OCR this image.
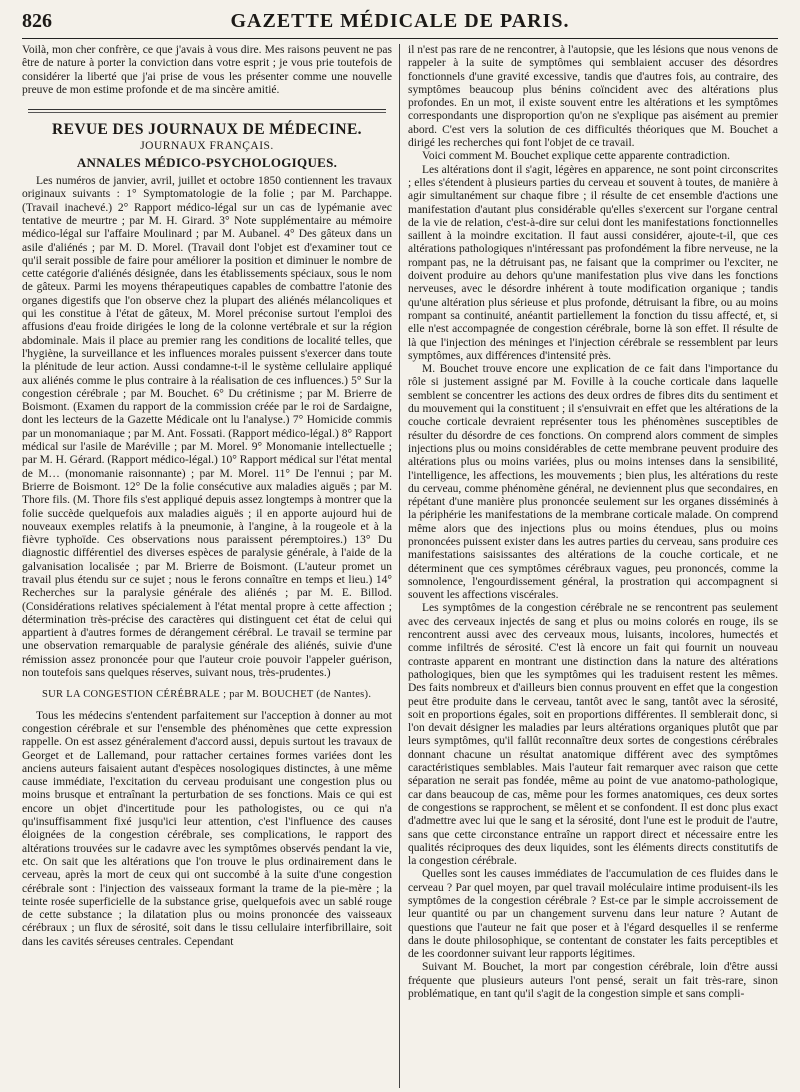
826	GAZETTE MÉDICALE DE PARIS.

Voilà, mon cher confrère, ce que j'avais à vous dire. Mes raisons peuvent ne pas être de nature à porter la conviction dans votre esprit ; je vous prie toutefois de considérer la liberté que j'ai prise de vous les présenter comme une nouvelle preuve de mon estime profonde et de ma sincère amitié.

REVUE DES JOURNAUX DE MÉDECINE.
JOURNAUX FRANÇAIS.
ANNALES MÉDICO-PSYCHOLOGIQUES.

Les numéros de janvier, avril, juillet et octobre 1850 contiennent les travaux originaux suivants : 1° Symptomatologie de la folie ; par M. Parchappe. (Travail inachevé.) 2° Rapport médico-légal sur un cas de lypémanie avec tentative de meurtre ; par M. H. Girard. 3° Note supplémentaire au mémoire médico-légal sur l'affaire Moulinard ; par M. Aubanel. 4° Des gâteux dans un asile d'aliénés ; par M. D. Morel. (Travail dont l'objet est d'examiner tout ce qu'il serait possible de faire pour améliorer la position et diminuer le nombre de cette catégorie d'aliénés désignée, dans les établissements spéciaux, sous le nom de gâteux. Parmi les moyens thérapeutiques capables de combattre l'atonie des organes digestifs que l'on observe chez la plupart des aliénés mélancoliques et qui les constitue à l'état de gâteux, M. Morel préconise surtout l'emploi des affusions d'eau froide dirigées le long de la colonne vertébrale et sur la région abdominale. Mais il place au premier rang les conditions de localité telles, que l'hygiène, la surveillance et les influences morales puissent s'exercer dans toute la plénitude de leur action. Aussi condamne-t-il le système cellulaire appliqué aux aliénés comme le plus contraire à la réalisation de ces influences.) 5° Sur la congestion cérébrale ; par M. Bouchet. 6° Du crétinisme ; par M. Brierre de Boismont. (Examen du rapport de la commission créée par le roi de Sardaigne, dont les lecteurs de la Gazette Médicale ont lu l'analyse.) 7° Homicide commis par un monomaniaque ; par M. Ant. Fossati. (Rapport médico-légal.) 8° Rapport médical sur l'asile de Maréville ; par M. Morel. 9° Monomanie intellectuelle ; par M. H. Gérard. (Rapport médico-légal.) 10° Rapport médical sur l'état mental de M… (monomanie raisonnante) ; par M. Morel. 11° De l'ennui ; par M. Brierre de Boismont. 12° De la folie consécutive aux maladies aiguës ; par M. Thore fils. (M. Thore fils s'est appliqué depuis assez longtemps à montrer que la folie succède quelquefois aux maladies aiguës ; il en apporte aujourd hui de nouveaux exemples relatifs à la pneumonie, à l'angine, à la rougeole et à la fièvre typhoïde. Ces observations nous paraissent péremptoires.) 13° Du diagnostic différentiel des diverses espèces de paralysie générale, à l'aide de la galvanisation localisée ; par M. Brierre de Boismont. (L'auteur promet un travail plus étendu sur ce sujet ; nous le ferons connaître en temps et lieu.) 14° Recherches sur la paralysie générale des aliénés ; par M. E. Billod. (Considérations relatives spécialement à l'état mental propre à cette affection ; détermination très-précise des caractères qui distinguent cet état de celui qui appartient à d'autres formes de dérangement cérébral. Le travail se termine par une observation remarquable de paralysie générale des aliénés, suivie d'une rémission assez prononcée pour que l'auteur croie pouvoir l'appeler guérison, non toutefois sans quelques réserves, suivant nous, très-prudentes.)

SUR LA CONGESTION CÉRÉBRALE ; par M. BOUCHET (de Nantes).

Tous les médecins s'entendent parfaitement sur l'acception à donner au mot congestion cérébrale et sur l'ensemble des phénomènes que cette expression rappelle. On est assez généralement d'accord aussi, depuis surtout les travaux de Georget et de Lallemand, pour rattacher certaines formes variées dont les anciens auteurs faisaient autant d'espèces nosologiques distinctes, à une même cause immédiate, l'excitation du cerveau produisant une congestion plus ou moins brusque et entraînant la perturbation de ses fonctions. Mais ce qui est encore un objet d'incertitude pour les pathologistes, ou ce qui n'a qu'insuffisamment fixé jusqu'ici leur attention, c'est l'influence des causes éloignées de la congestion cérébrale, ses complications, le rapport des altérations trouvées sur le cadavre avec les symptômes observés pendant la vie, etc. On sait que les altérations que l'on trouve le plus ordinairement dans le cerveau, après la mort de ceux qui ont succombé à la suite d'une congestion cérébrale sont : l'injection des vaisseaux formant la trame de la pie-mère ; la teinte rosée superficielle de la substance grise, quelquefois avec un sablé rouge de cette substance ; la dilatation plus ou moins prononcée des vaisseaux cérébraux ; un flux de sérosité, soit dans le tissu cellulaire interfibrillaire, soit dans les cavités séreuses centrales. Cependant

il n'est pas rare de ne rencontrer, à l'autopsie, que les lésions que nous venons de rappeler à la suite de symptômes qui semblaient accuser des désordres fonctionnels d'une gravité excessive, tandis que d'autres fois, au contraire, des symptômes beaucoup plus bénins coïncident avec des altérations plus profondes. En un mot, il existe souvent entre les altérations et les symptômes correspondants une disproportion qu'on ne s'explique pas aisément au premier abord. C'est vers la solution de ces difficultés théoriques que M. Bouchet a dirigé les recherches qui font l'objet de ce travail.

Voici comment M. Bouchet explique cette apparente contradiction.

Les altérations dont il s'agit, légères en apparence, ne sont point circonscrites ; elles s'étendent à plusieurs parties du cerveau et souvent à toutes, de manière à agir simultanément sur chaque fibre ; il résulte de cet ensemble d'actions une manifestation d'autant plus considérable qu'elles s'exercent sur l'organe central de la vie de relation, c'est-à-dire sur celui dont les manifestations fonctionnelles saillent à la moindre excitation. Il faut aussi considérer, ajoute-t-il, que ces altérations pathologiques n'intéressant pas profondément la fibre nerveuse, ne la rompant pas, ne la détruisant pas, ne faisant que la comprimer ou l'exciter, ne doivent produire au dehors qu'une manifestation plus vive dans les fonctions nerveuses, avec le désordre inhérent à toute modification organique ; tandis qu'une altération plus sérieuse et plus profonde, détruisant la fibre, ou au moins rompant sa continuité, anéantit partiellement la fonction du tissu affecté, et, si elle n'est accompagnée de congestion cérébrale, borne là son effet. Il résulte de là que l'injection des méninges et l'injection cérébrale se ressemblent par leurs symptômes, aux différences d'intensité près.

M. Bouchet trouve encore une explication de ce fait dans l'importance du rôle si justement assigné par M. Foville à la couche corticale dans laquelle semblent se concentrer les actions des deux ordres de fibres dits du sentiment et du mouvement qui la constituent ; il s'ensuivrait en effet que les altérations de la couche corticale devraient représenter tous les phénomènes susceptibles de résulter du désordre de ces fonctions. On comprend alors comment de simples injections plus ou moins considérables de cette membrane peuvent produire des altérations plus ou moins variées, plus ou moins intenses dans la sensibilité, l'intelligence, les affections, les mouvements ; bien plus, les altérations du reste du cerveau, comme phénomène général, ne deviennent plus que secondaires, en répétant d'une manière plus prononcée seulement sur les organes disséminés à la périphérie les manifestations de la membrane corticale malade. On comprend même alors que des injections plus ou moins étendues, plus ou moins prononcées puissent exister dans les autres parties du cerveau, sans produire ces manifestations saisissantes des altérations de la couche corticale, et ne déterminent que ces symptômes cérébraux vagues, peu prononcés, comme la somnolence, l'engourdissement général, la prostration qui accompagnent si souvent les affections viscérales.

Les symptômes de la congestion cérébrale ne se rencontrent pas seulement avec des cerveaux injectés de sang et plus ou moins colorés en rouge, ils se rencontrent aussi avec des cerveaux mous, luisants, incolores, humectés et comme infiltrés de sérosité. C'est là encore un fait qui fournit un nouveau contraste apparent en montrant une distinction dans la nature des altérations pathologiques, bien que les symptômes qui les traduisent restent les mêmes. Des faits nombreux et d'ailleurs bien connus prouvent en effet que la congestion peut être produite dans le cerveau, tantôt avec le sang, tantôt avec la sérosité, soit en proportions égales, soit en proportions différentes. Il semblerait donc, si l'on devait désigner les maladies par leurs altérations organiques plutôt que par leurs symptômes, qu'il fallût reconnaître deux sortes de congestions cérébrales donnant chacune un résultat anatomique différent avec des symptômes caractéristiques semblables. Mais l'auteur fait remarquer avec raison que cette séparation ne serait pas fondée, même au point de vue anatomo-pathologique, car dans beaucoup de cas, même pour les formes anatomiques, ces deux sortes de congestions se rapprochent, se mêlent et se confondent. Il est donc plus exact d'admettre avec lui que le sang et la sérosité, dont l'une est le produit de l'autre, sans que cette circonstance entraîne un rapport direct et nécessaire entre les qualités réciproques des deux liquides, sont les éléments directs constitutifs de la congestion cérébrale.

Quelles sont les causes immédiates de l'accumulation de ces fluides dans le cerveau ? Par quel moyen, par quel travail moléculaire intime produisent-ils les symptômes de la congestion cérébrale ? Est-ce par le simple accroissement de leur quantité ou par un changement survenu dans leur nature ? Autant de questions que l'auteur ne fait que poser et à l'égard desquelles il se renferme dans le doute philosophique, se contentant de constater les faits perceptibles et de les coordonner suivant leur rapports légitimes.

Suivant M. Bouchet, la mort par congestion cérébrale, loin d'être aussi fréquente que plusieurs auteurs l'ont pensé, serait un fait très-rare, sinon problématique, en tant qu'il s'agit de la congestion simple et sans compli-
